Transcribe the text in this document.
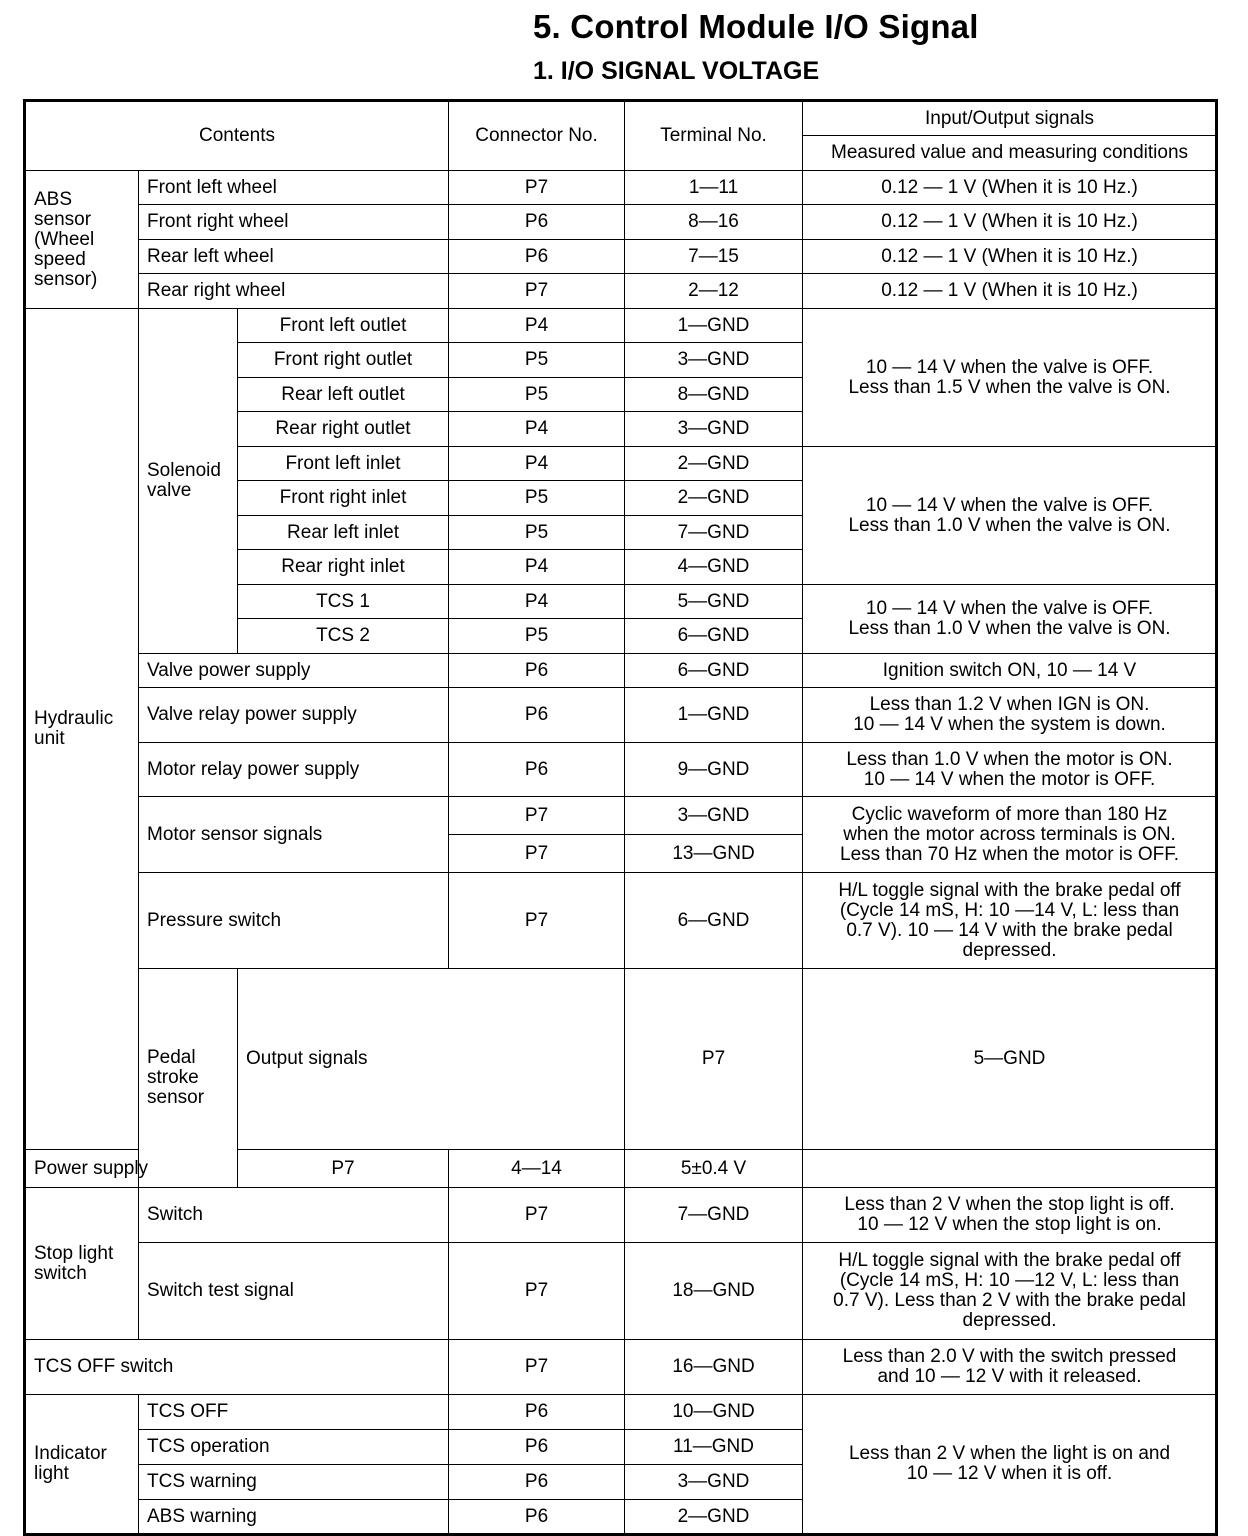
5. Control Module I/O Signal
1. I/O SIGNAL VOLTAGE
Contents			Connector No.	Terminal No.	Input/Output signals	
					Measured value and measuring conditions	
ABS
sensor
(Wheel
speed
sensor)	Front left wheel		P7	1—11	0.12 — 1 V (When it is 10 Hz.)	
	Front right wheel		P6	8—16	0.12 — 1 V (When it is 10 Hz.)	
	Rear left wheel		P6	7—15	0.12 — 1 V (When it is 10 Hz.)	
	Rear right wheel		P7	2—12	0.12 — 1 V (When it is 10 Hz.)	
Hydraulic
unit	Solenoid
valve	Front left outlet	P4	1—GND	10 — 14 V when the valve is OFF.
Less than 1.5 V when the valve is ON.	
		Front right outlet	P5	3—GND		
		Rear left outlet	P5	8—GND		
		Rear right outlet	P4	3—GND		
		Front left inlet	P4	2—GND	10 — 14 V when the valve is OFF.
Less than 1.0 V when the valve is ON.	
		Front right inlet	P5	2—GND		
		Rear left inlet	P5	7—GND		
		Rear right inlet	P4	4—GND		
		TCS 1	P4	5—GND	10 — 14 V when the valve is OFF.
Less than 1.0 V when the valve is ON.	
		TCS 2	P5	6—GND		
	Valve power supply		P6	6—GND	Ignition switch ON, 10 — 14 V	
	Valve relay power supply		P6	1—GND	Less than 1.2 V when IGN is ON.
10 — 14 V when the system is down.	
	Motor relay power supply		P6	9—GND	Less than 1.0 V when the motor is ON.
10 — 14 V when the motor is OFF.	
	Motor sensor signals		P7	3—GND	Cyclic waveform of more than 180 Hz
when the motor across terminals is ON.
Less than 70 Hz when the motor is OFF.	
			P7	13—GND		
	Pressure switch		P7	6—GND	H/L toggle signal with the brake pedal off
(Cycle 14 mS, H: 10 —14 V, L: less than
0.7 V). 10 — 14 V with the brake pedal
depressed.	
	Pedal
stroke
sensor	Output signals		P7	5—GND	
Power supply		P7	4—14	5±0.4 V		
Stop light
switch	Switch		P7	7—GND	Less than 2 V when the stop light is off.
10 — 12 V when the stop light is on.	
	Switch test signal		P7	18—GND	H/L toggle signal with the brake pedal off
(Cycle 14 mS, H: 10 —12 V, L: less than
0.7 V). Less than 2 V with the brake pedal
depressed.	
TCS OFF switch			P7	16—GND	Less than 2.0 V with the switch pressed
and 10 — 12 V with it released.	
Indicator
light	TCS OFF		P6	10—GND	Less than 2 V when the light is on and
10 — 12 V when it is off.	
	TCS operation		P6	11—GND		
	TCS warning		P6	3—GND		
	ABS warning		P6	2—GND		
